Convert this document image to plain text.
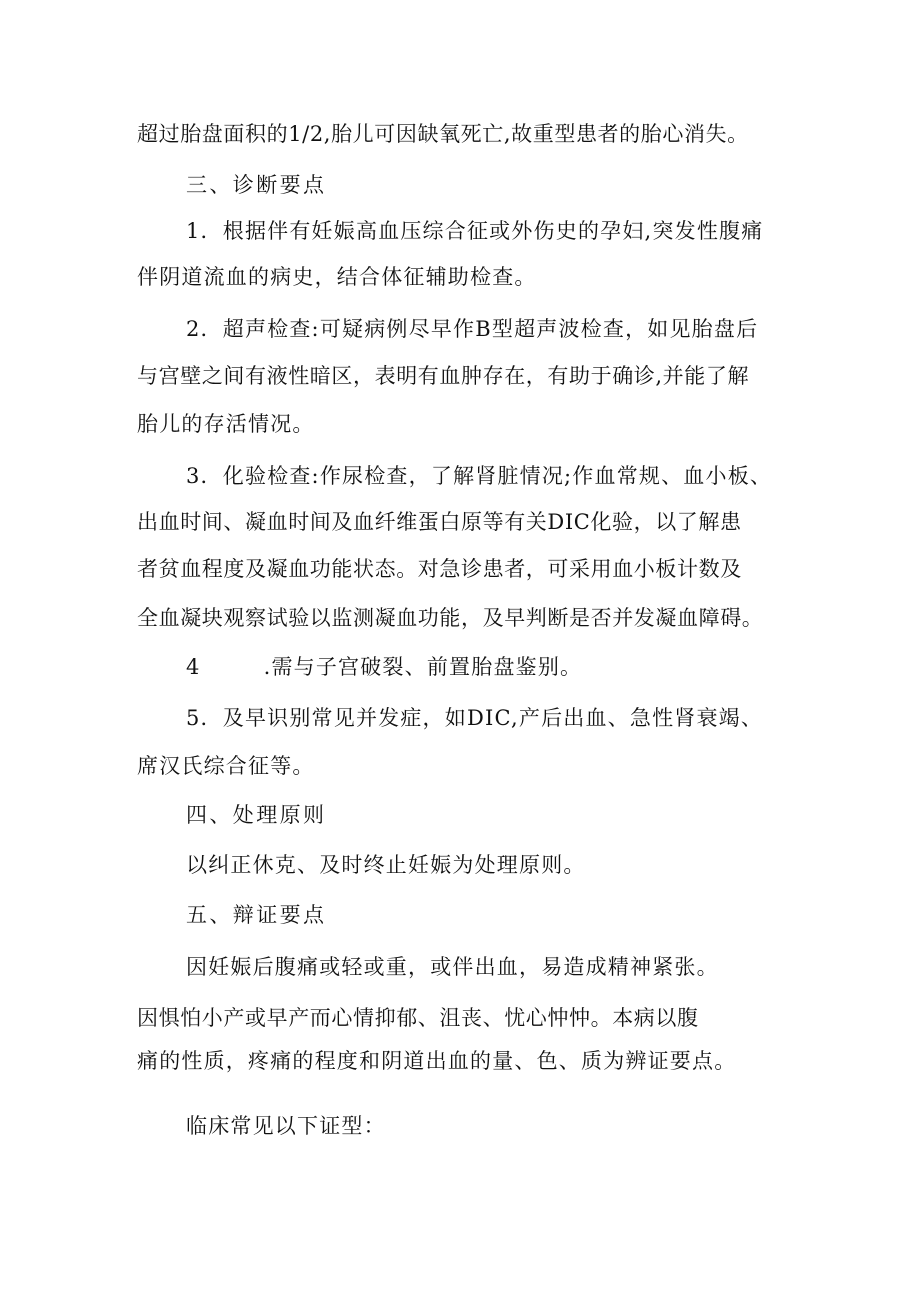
超过胎盘面积的1/2,胎儿可因缺氧死亡,故重型患者的胎心消失。
三、诊断要点
1．根据伴有妊娠高血压综合征或外伤史的孕妇,突发性腹痛
伴阴道流血的病史，结合体征辅助检查。
2．超声检查:可疑病例尽早作B型超声波检查，如见胎盘后
与宫壁之间有液性暗区，表明有血肿存在，有助于确诊,并能了解
胎儿的存活情况。
3．化验检查:作尿检查，了解肾脏情况;作血常规、血小板、
出血时间、凝血时间及血纤维蛋白原等有关DIC化验，以了解患
者贫血程度及凝血功能状态。对急诊患者，可采用血小板计数及
全血凝块观察试验以监测凝血功能，及早判断是否并发凝血障碍。
4        .需与子宫破裂、前置胎盘鉴别。
5．及早识别常见并发症，如DIC,产后出血、急性肾衰竭、
席汉氏综合征等。
四、处理原则
以纠正休克、及时终止妊娠为处理原则。
五、辩证要点
因妊娠后腹痛或轻或重，或伴出血，易造成精神紧张。
因惧怕小产或早产而心情抑郁、沮丧、忧心忡忡。本病以腹
痛的性质，疼痛的程度和阴道出血的量、色、质为辨证要点。
临床常见以下证型：
